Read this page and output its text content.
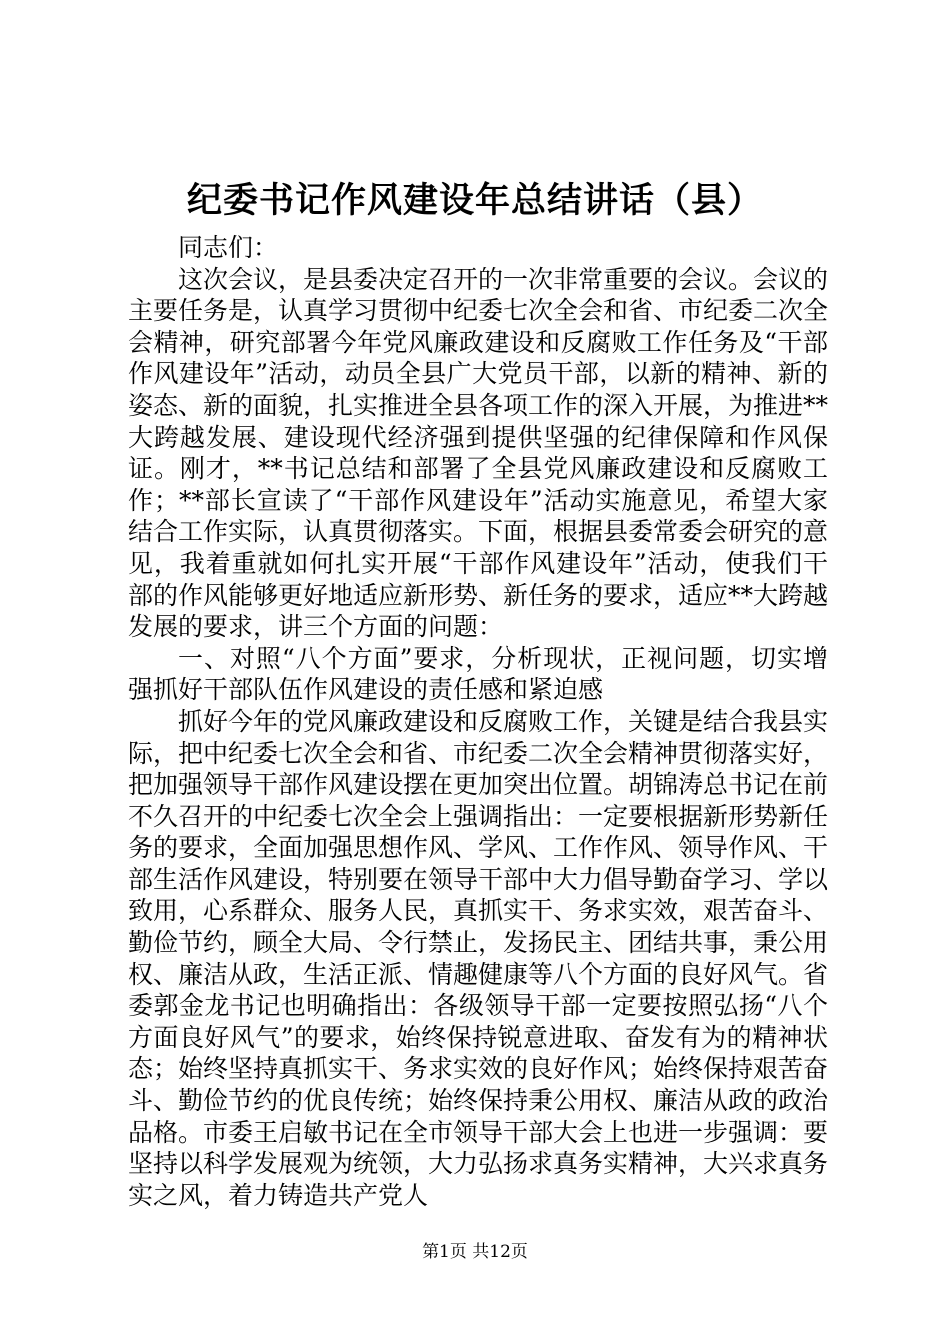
纪委书记作风建设年总结讲话（县）

同志们：

这次会议，是县委决定召开的一次非常重要的会议。会议的主要任务是，认真学习贯彻中纪委七次全会和省、市纪委二次全会精神，研究部署今年党风廉政建设和反腐败工作任务及“干部作风建设年”活动，动员全县广大党员干部，以新的精神、新的姿态、新的面貌，扎实推进全县各项工作的深入开展，为推进**大跨越发展、建设现代经济强到提供坚强的纪律保障和作风保证。刚才，**书记总结和部署了全县党风廉政建设和反腐败工作；**部长宣读了“干部作风建设年”活动实施意见，希望大家结合工作实际，认真贯彻落实。下面，根据县委常委会研究的意见，我着重就如何扎实开展“干部作风建设年”活动，使我们干部的作风能够更好地适应新形势、新任务的要求，适应**大跨越发展的要求，讲三个方面的问题：

一、对照“八个方面”要求，分析现状，正视问题，切实增强抓好干部队伍作风建设的责任感和紧迫感

抓好今年的党风廉政建设和反腐败工作，关键是结合我县实际，把中纪委七次全会和省、市纪委二次全会精神贯彻落实好，把加强领导干部作风建设摆在更加突出位置。胡锦涛总书记在前不久召开的中纪委七次全会上强调指出：一定要根据新形势新任务的要求，全面加强思想作风、学风、工作作风、领导作风、干部生活作风建设，特别要在领导干部中大力倡导勤奋学习、学以致用，心系群众、服务人民，真抓实干、务求实效，艰苦奋斗、勤俭节约，顾全大局、令行禁止，发扬民主、团结共事，秉公用权、廉洁从政，生活正派、情趣健康等八个方面的良好风气。省委郭金龙书记也明确指出：各级领导干部一定要按照弘扬“八个方面良好风气”的要求，始终保持锐意进取、奋发有为的精神状态；始终坚持真抓实干、务求实效的良好作风；始终保持艰苦奋斗、勤俭节约的优良传统；始终保持秉公用权、廉洁从政的政治品格。市委王启敏书记在全市领导干部大会上也进一步强调：要坚持以科学发展观为统领，大力弘扬求真务实精神，大兴求真务实之风，着力铸造共产党人

第1页 共12页
